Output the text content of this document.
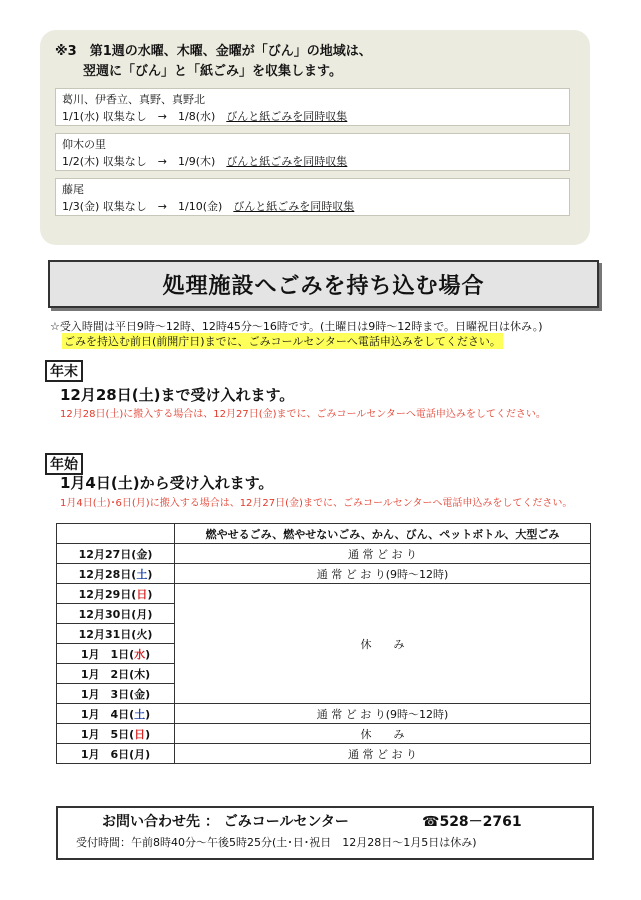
※3　 第1週の水曜、木曜、金曜が「びん」の地域は、
翌週に「びん」と「紙ごみ」を収集します。
葛川、伊香立、真野、真野北
1/1(水) 収集なし　 →　 1/8(水)　 びんと紙ごみを同時収集
仰木の里
1/2(木) 収集なし　 →　 1/9(木)　 びんと紙ごみを同時収集
藤尾
1/3(金) 収集なし　 →　 1/10(金)　 びんと紙ごみを同時収集
処理施設へごみを持ち込む場合
☆受入時間は平日9時～12時、12時45分～16時です。(土曜日は9時～12時まで。日曜祝日は休み。)
ごみを持込む前日(前開庁日)までに、ごみコールセンターへ電話申込みをしてください。
年末
12月28日(土)まで受け入れます。
12月28日(土)に搬入する場合は、12月27日(金)までに、ごみコールセンターへ電話申込みをしてください。
年始
1月4日(土)から受け入れます。
1月4日(土)･6日(月)に搬入する場合は、12月27日(金)までに、ごみコールセンターへ電話申込みをしてください。
	燃やせるごみ、燃やせないごみ、かん、びん、ペットボトル、大型ごみ
12月27日(金)	通 常 ど お り
12月28日(土)	通 常 ど お り(9時～12時)
12月29日(日)	休　　み
12月30日(月)	
12月31日(火)	
1月　1日(水)	
1月　2日(木)	
1月　3日(金)	
1月　4日(土)	通 常 ど お り(9時～12時)
1月　5日(日)	休　　み
1月　6日(月)	通 常 ど お り
お問い合わせ先 ： ごみコールセンター	☎528－2761
受付時間：午前8時40分～午後5時25分(土･日･祝日　12月28日～1月5日は休み)
